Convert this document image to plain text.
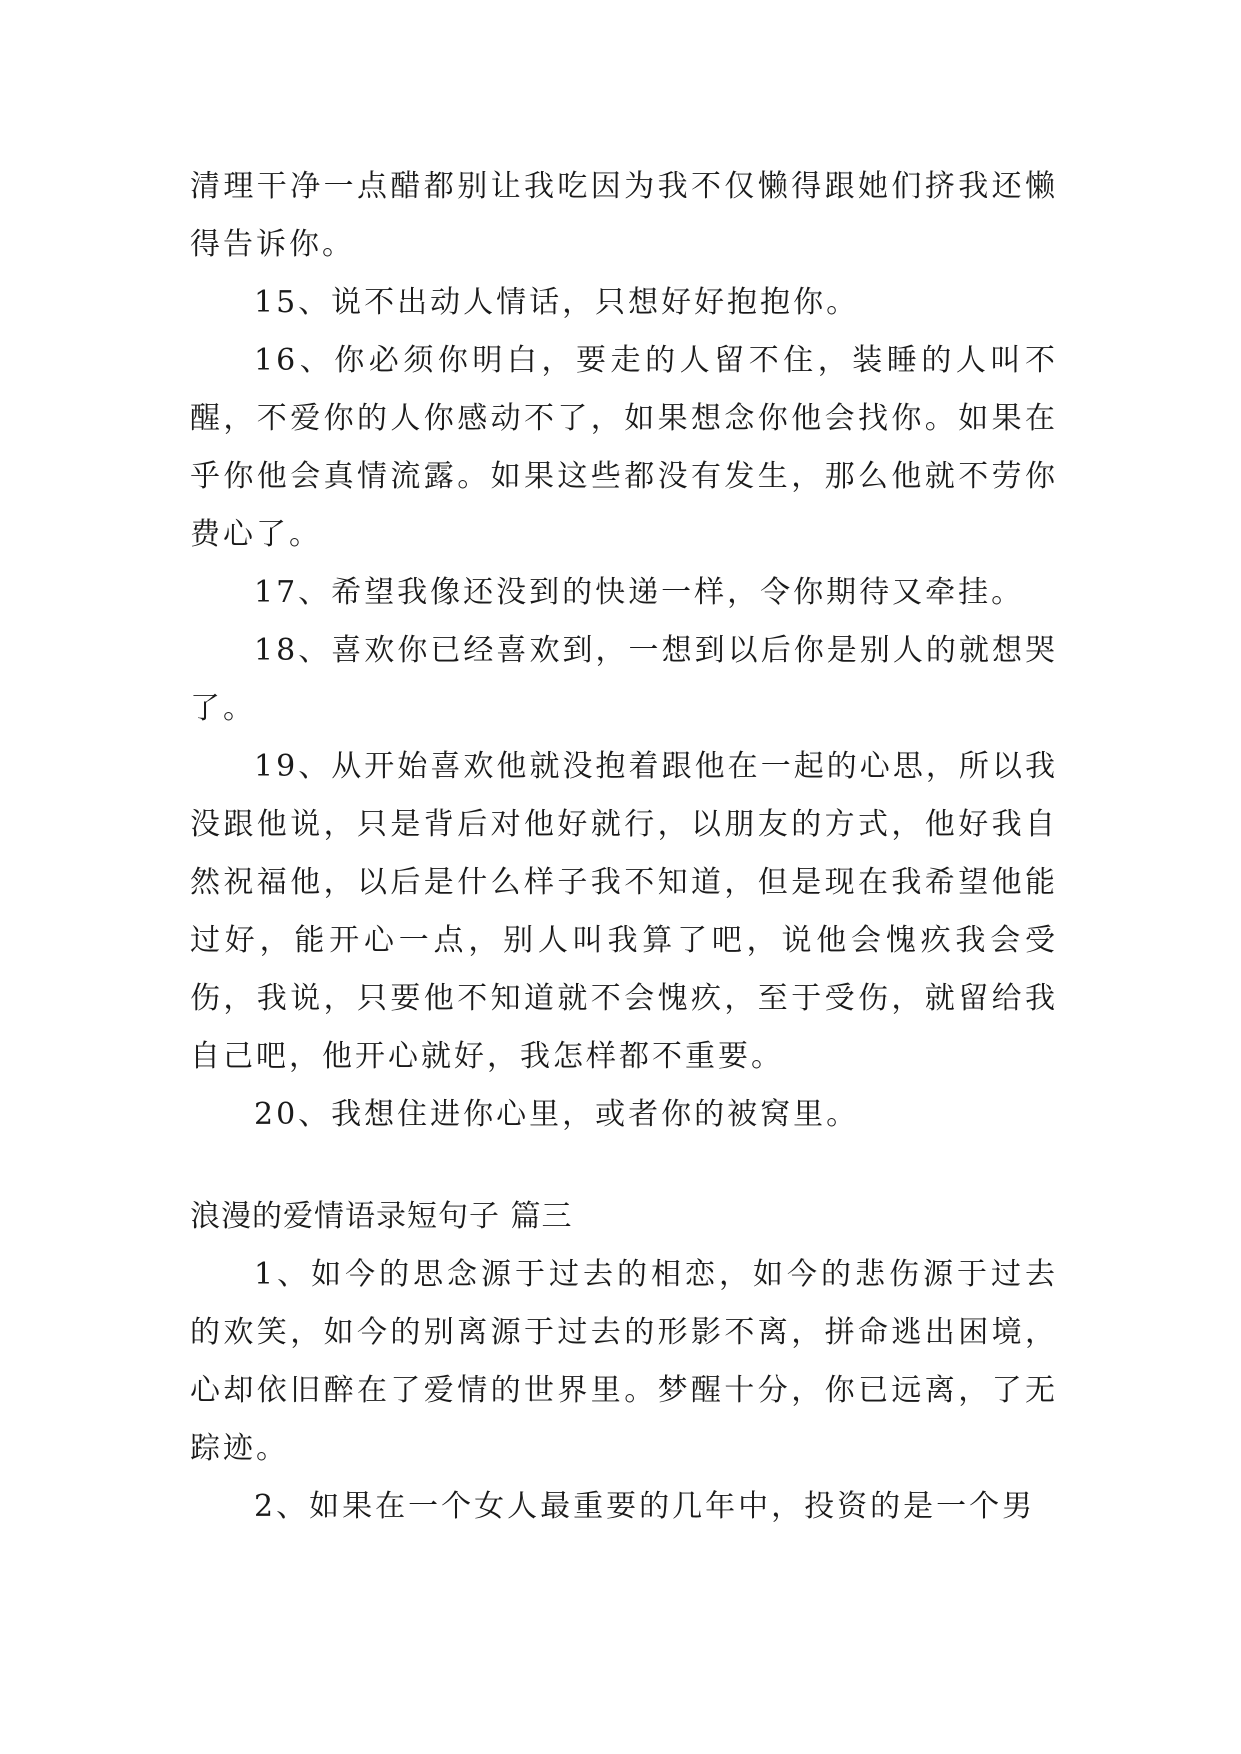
清理干净一点醋都别让我吃因为我不仅懒得跟她们挤我还懒得告诉你。

15、说不出动人情话，只想好好抱抱你。

16、你必须你明白，要走的人留不住，装睡的人叫不醒，不爱你的人你感动不了，如果想念你他会找你。如果在乎你他会真情流露。如果这些都没有发生，那么他就不劳你费心了。

17、希望我像还没到的快递一样，令你期待又牵挂。

18、喜欢你已经喜欢到，一想到以后你是别人的就想哭了。

19、从开始喜欢他就没抱着跟他在一起的心思，所以我没跟他说，只是背后对他好就行，以朋友的方式，他好我自然祝福他，以后是什么样子我不知道，但是现在我希望他能过好，能开心一点，别人叫我算了吧，说他会愧疚我会受伤，我说，只要他不知道就不会愧疚，至于受伤，就留给我自己吧，他开心就好，我怎样都不重要。

20、我想住进你心里，或者你的被窝里。

浪漫的爱情语录短句子 篇三

1、如今的思念源于过去的相恋，如今的悲伤源于过去的欢笑，如今的别离源于过去的形影不离，拼命逃出困境，心却依旧醉在了爱情的世界里。梦醒十分，你已远离，了无踪迹。

2、如果在一个女人最重要的几年中，投资的是一个男
